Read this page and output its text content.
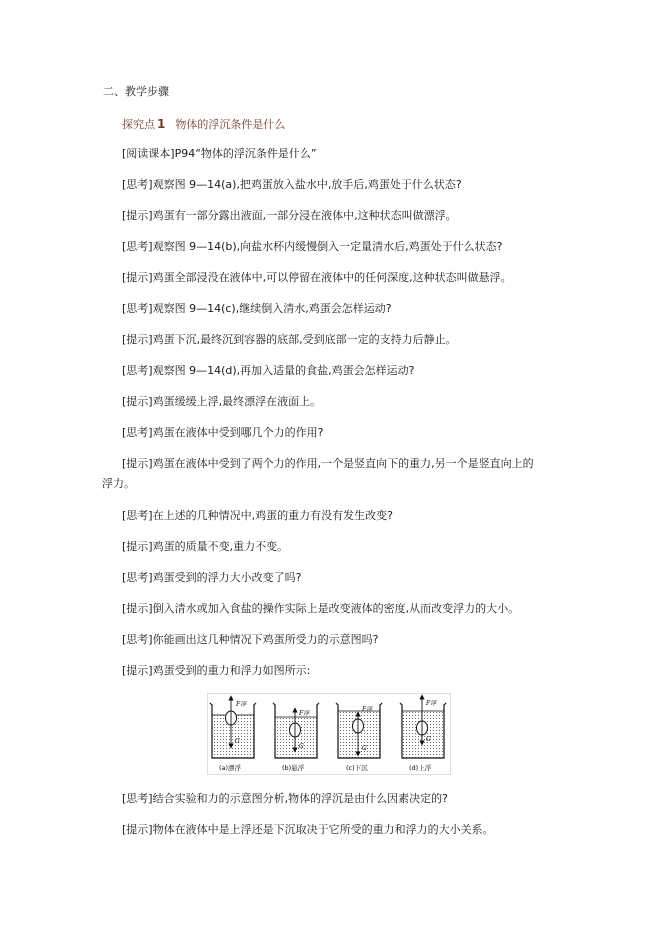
二、教学步骤
探究点 1 物体的浮沉条件是什么
[阅读课本]P94“物体的浮沉条件是什么”
[思考]观察图 9—14(a),把鸡蛋放入盐水中,放手后,鸡蛋处于什么状态?
[提示]鸡蛋有一部分露出液面,一部分浸在液体中,这种状态叫做漂浮。
[思考]观察图 9—14(b),向盐水杯内缓慢倒入一定量清水后,鸡蛋处于什么状态?
[提示]鸡蛋全部浸没在液体中,可以停留在液体中的任何深度,这种状态叫做悬浮。
[思考]观察图 9—14(c),继续倒入清水,鸡蛋会怎样运动?
[提示]鸡蛋下沉,最终沉到容器的底部,受到底部一定的支持力后静止。
[思考]观察图 9—14(d),再加入适量的食盐,鸡蛋会怎样运动?
[提示]鸡蛋缓缓上浮,最终漂浮在液面上。
[思考]鸡蛋在液体中受到哪几个力的作用?
[提示]鸡蛋在液体中受到了两个力的作用,一个是竖直向下的重力,另一个是竖直向上的
浮力。
[思考]在上述的几种情况中,鸡蛋的重力有没有发生改变?
[提示]鸡蛋的质量不变,重力不变。
[思考]鸡蛋受到的浮力大小改变了吗?
[提示]倒入清水或加入食盐的操作实际上是改变液体的密度,从而改变浮力的大小。
[思考]你能画出这几种情况下鸡蛋所受力的示意图吗?
[提示]鸡蛋受到的重力和浮力如图所示:
F浮
G
F浮
G
F浮
G
F浮
G
(a)漂浮	(b)悬浮	(c)下沉	(d)上浮
[思考]结合实验和力的示意图分析,物体的浮沉是由什么因素决定的?
[提示]物体在液体中是上浮还是下沉取决于它所受的重力和浮力的大小关系。
